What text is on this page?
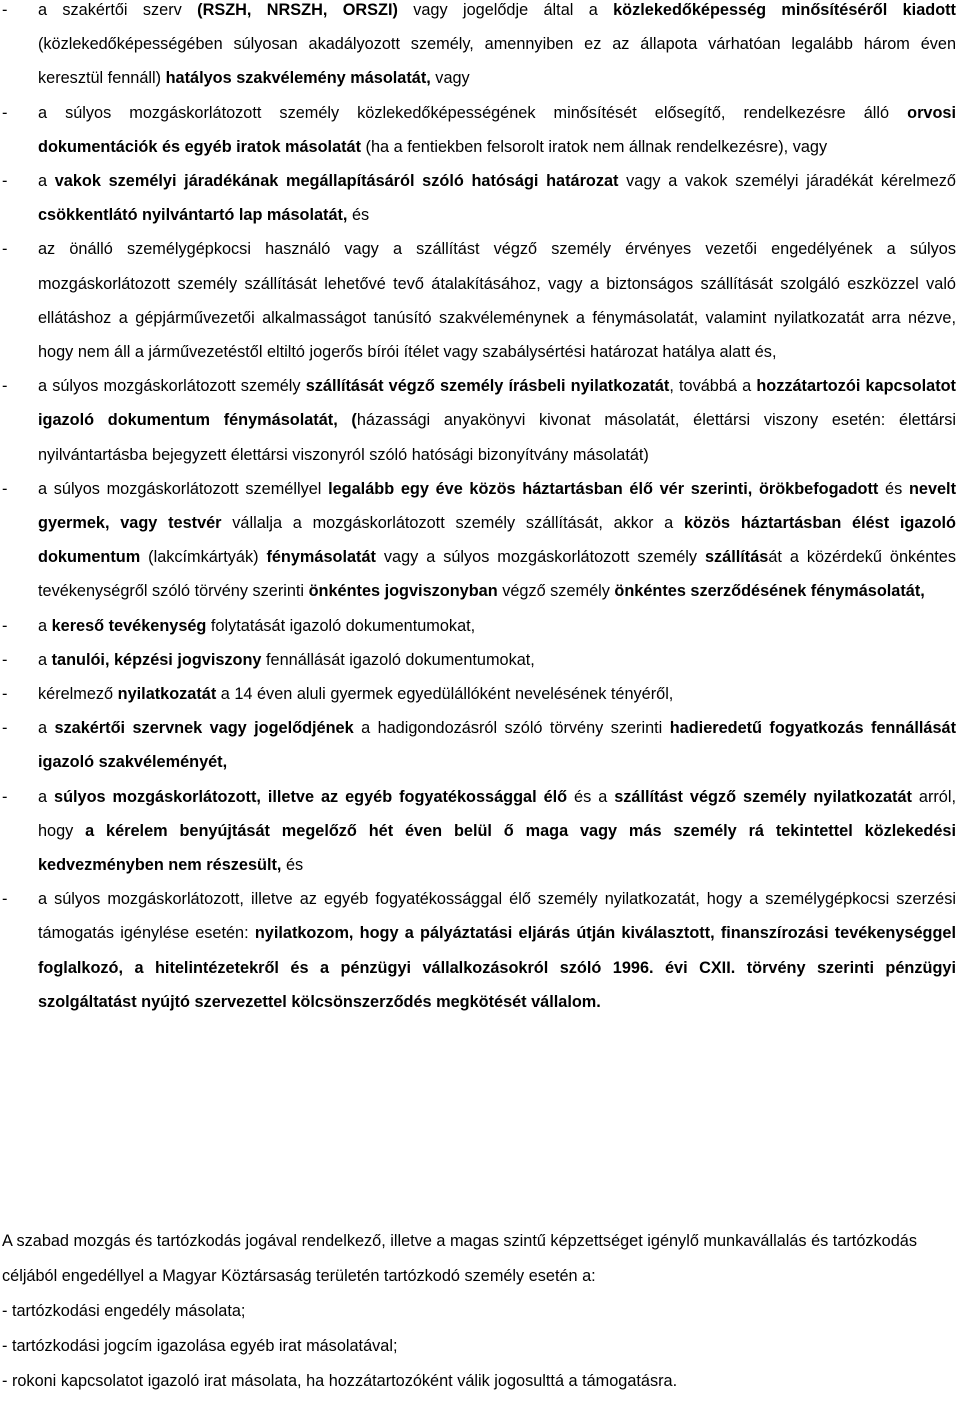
- a szakértői szerv (RSZH, NRSZH, ORSZI) vagy jogelődje által a közlekedőképesség minősítéséről kiadott (közlekedőképességében súlyosan akadályozott személy, amennyiben ez az állapota várhatóan legalább három éven keresztül fennáll) hatályos szakvélemény másolatát, vagy
- a súlyos mozgáskorlátozott személy közlekedőképességének minősítését elősegítő, rendelkezésre álló orvosi dokumentációk és egyéb iratok másolatát (ha a fentiekben felsorolt iratok nem állnak rendelkezésre), vagy
- a vakok személyi járadékának megállapításáról szóló hatósági határozat vagy a vakok személyi járadékát kérelmező csökkentlátó nyilvántartó lap másolatát, és
- az önálló személygépkocsi használó vagy a szállítást végző személy érvényes vezetői engedélyének a súlyos mozgáskorlátozott személy szállítását lehetővé tevő átalakításához, vagy a biztonságos szállítását szolgáló eszközzel való ellátáshoz a gépjárművezetői alkalmasságot tanúsító szakvéleménynek a fénymásolatát, valamint nyilatkozatát arra nézve, hogy nem áll a járművezetéstől eltiltó jogerős bírói ítélet vagy szabálysértési határozat hatálya alatt és,
- a súlyos mozgáskorlátozott személy szállítását végző személy írásbeli nyilatkozatát, továbbá a hozzátartozói kapcsolatot igazoló dokumentum fénymásolatát, (házassági anyakönyvi kivonat másolatát, élettársi viszony esetén: élettársi nyilvántartásba bejegyzett élettársi viszonyról szóló hatósági bizonyítvány másolatát)
- a súlyos mozgáskorlátozott személlyel legalább egy éve közös háztartásban élő vér szerinti, örökbefogadott és nevelt gyermek, vagy testvér vállalja a mozgáskorlátozott személy szállítását, akkor a közös háztartásban élést igazoló dokumentum (lakcímkártyák) fénymásolatát vagy a súlyos mozgáskorlátozott személy szállítását a közérdekű önkéntes tevékenységről szóló törvény szerinti önkéntes jogviszonyban végző személy önkéntes szerződésének fénymásolatát,
- a kereső tevékenység folytatását igazoló dokumentumokat,
- a tanulói, képzési jogviszony fennállását igazoló dokumentumokat,
- kérelmező nyilatkozatát a 14 éven aluli gyermek egyedülállóként nevelésének tényéről,
- a szakértői szervnek vagy jogelődjének a hadigondozásról szóló törvény szerinti hadieredetű fogyatkozás fennállását igazoló szakvéleményét,
- a súlyos mozgáskorlátozott, illetve az egyéb fogyatékossággal élő és a szállítást végző személy nyilatkozatát arról, hogy a kérelem benyújtását megelőző hét éven belül ő maga vagy más személy rá tekintettel közlekedési kedvezményben nem részesült, és
- a súlyos mozgáskorlátozott, illetve az egyéb fogyatékossággal élő személy nyilatkozatát, hogy a személygépkocsi szerzési támogatás igénylése esetén: nyilatkozom, hogy a pályáztatási eljárás útján kiválasztott, finanszírozási tevékenységgel foglalkozó, a hitelintézetekről és a pénzügyi vállalkozásokról szóló 1996. évi CXII. törvény szerinti pénzügyi szolgáltatást nyújtó szervezettel kölcsönszerződés megkötését vállalom.

A szabad mozgás és tartózkodás jogával rendelkező, illetve a magas szintű képzettséget igénylő munkavállalás és tartózkodás céljából engedéllyel a Magyar Köztársaság területén tartózkodó személy esetén a:

- tartózkodási engedély másolata;

- tartózkodási jogcím igazolása egyéb irat másolatával;

- rokoni kapcsolatot igazoló irat másolata, ha hozzátartozóként válik jogosulttá a támogatásra.
